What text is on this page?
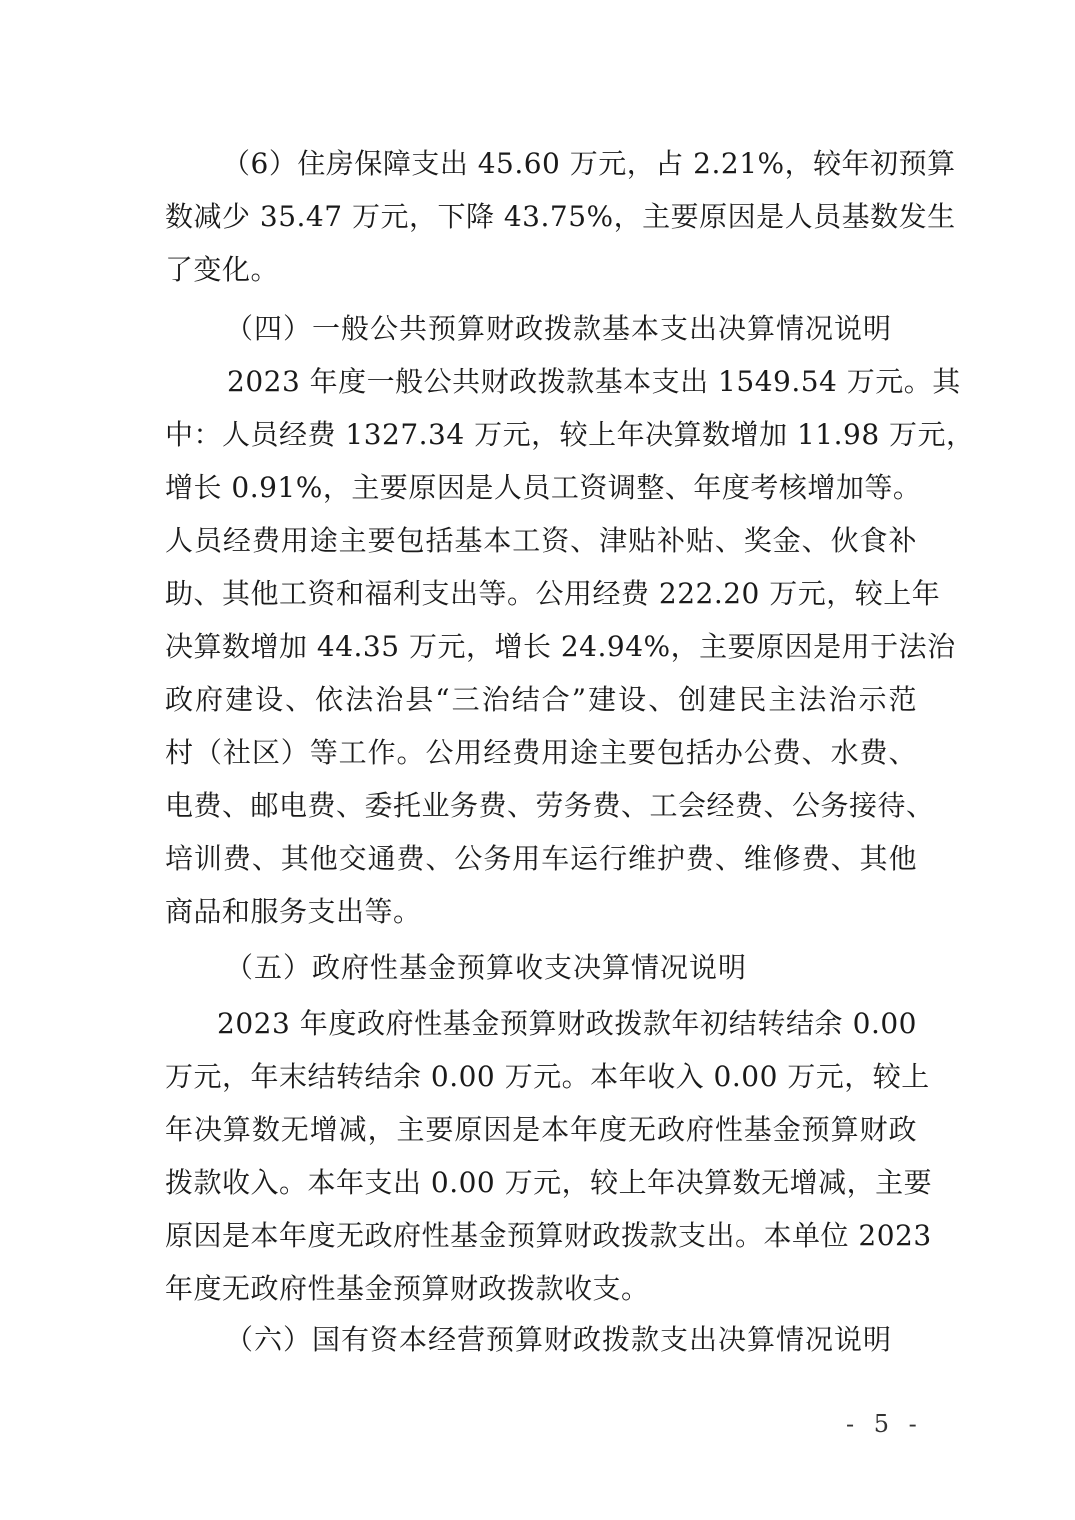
（6）住房保障支出 45.60 万元，占 2.21%，较年初预算
数减少 35.47 万元，下降 43.75%，主要原因是人员基数发生
了变化。
（四）一般公共预算财政拨款基本支出决算情况说明
2023 年度一般公共财政拨款基本支出 1549.54 万元。其
中：人员经费 1327.34 万元，较上年决算数增加 11.98 万元，
增长 0.91%，主要原因是人员工资调整、年度考核增加等。
人员经费用途主要包括基本工资、津贴补贴、奖金、伙食补
助、其他工资和福利支出等。公用经费 222.20 万元，较上年
决算数增加 44.35 万元，增长 24.94%，主要原因是用于法治
政府建设、依法治县“三治结合”建设、创建民主法治示范
村（社区）等工作。公用经费用途主要包括办公费、水费、
电费、邮电费、委托业务费、劳务费、工会经费、公务接待、
培训费、其他交通费、公务用车运行维护费、维修费、其他
商品和服务支出等。
（五）政府性基金预算收支决算情况说明
2023 年度政府性基金预算财政拨款年初结转结余 0.00
万元，年末结转结余 0.00 万元。本年收入 0.00 万元，较上
年决算数无增减，主要原因是本年度无政府性基金预算财政
拨款收入。本年支出 0.00 万元，较上年决算数无增减，主要
原因是本年度无政府性基金预算财政拨款支出。本单位 2023
年度无政府性基金预算财政拨款收支。
（六）国有资本经营预算财政拨款支出决算情况说明
- 5 -
